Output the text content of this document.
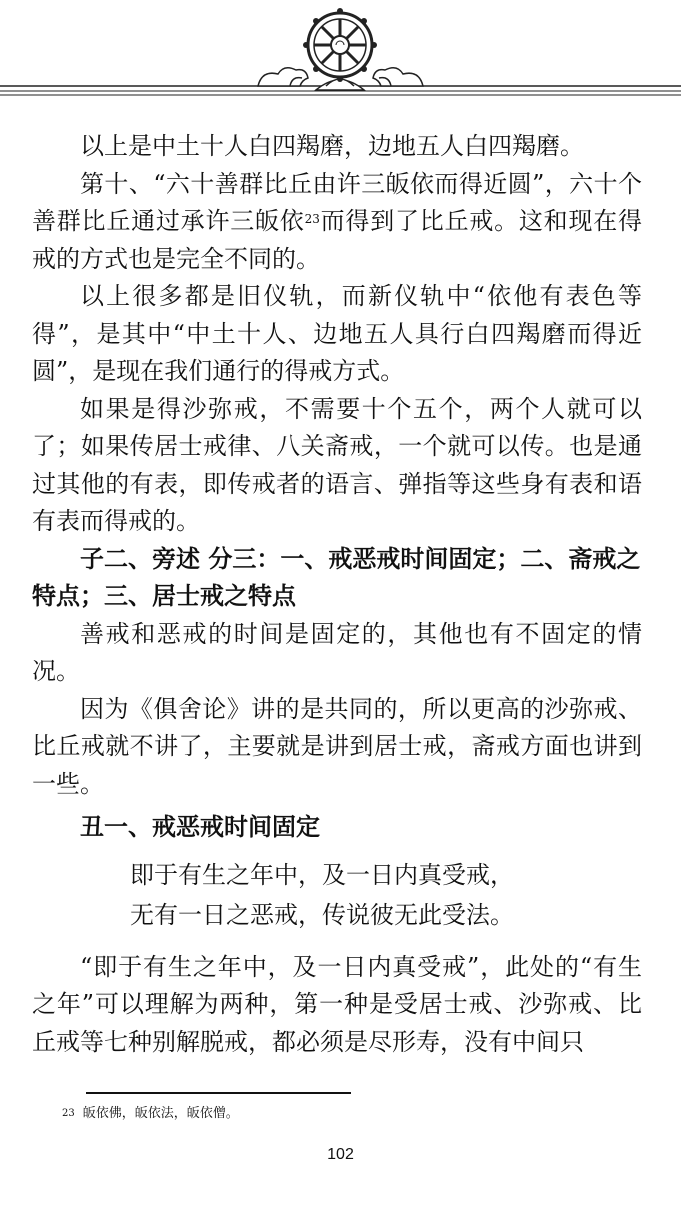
以上是中土十人白四羯磨，边地五人白四羯磨。

第十、“六十善群比丘由许三皈依而得近圆”，六十个善群比丘通过承许三皈依$^{23}$而得到了比丘戒。这和现在得戒的方式也是完全不同的。

以上很多都是旧仪轨，而新仪轨中“依他有表色等得”，是其中“中土十人、边地五人具行白四羯磨而得近圆”，是现在我们通行的得戒方式。

如果是得沙弥戒，不需要十个五个，两个人就可以了；如果传居士戒律、八关斋戒，一个就可以传。也是通过其他的有表，即传戒者的语言、弹指等这些身有表和语有表而得戒的。

子二、旁述 分三：一、戒恶戒时间固定；二、斋戒之特点；三、居士戒之特点

善戒和恶戒的时间是固定的，其他也有不固定的情况。

因为《俱舍论》讲的是共同的，所以更高的沙弥戒、比丘戒就不讲了，主要就是讲到居士戒，斋戒方面也讲到一些。

丑一、戒恶戒时间固定

即于有生之年中，及一日内真受戒，

无有一日之恶戒，传说彼无此受法。

“即于有生之年中，及一日内真受戒”，此处的“有生之年”可以理解为两种，第一种是受居士戒、沙弥戒、比丘戒等七种别解脱戒，都必须是尽形寿，没有中间只

$^{23}$ 皈依佛，皈依法，皈依僧。
102
